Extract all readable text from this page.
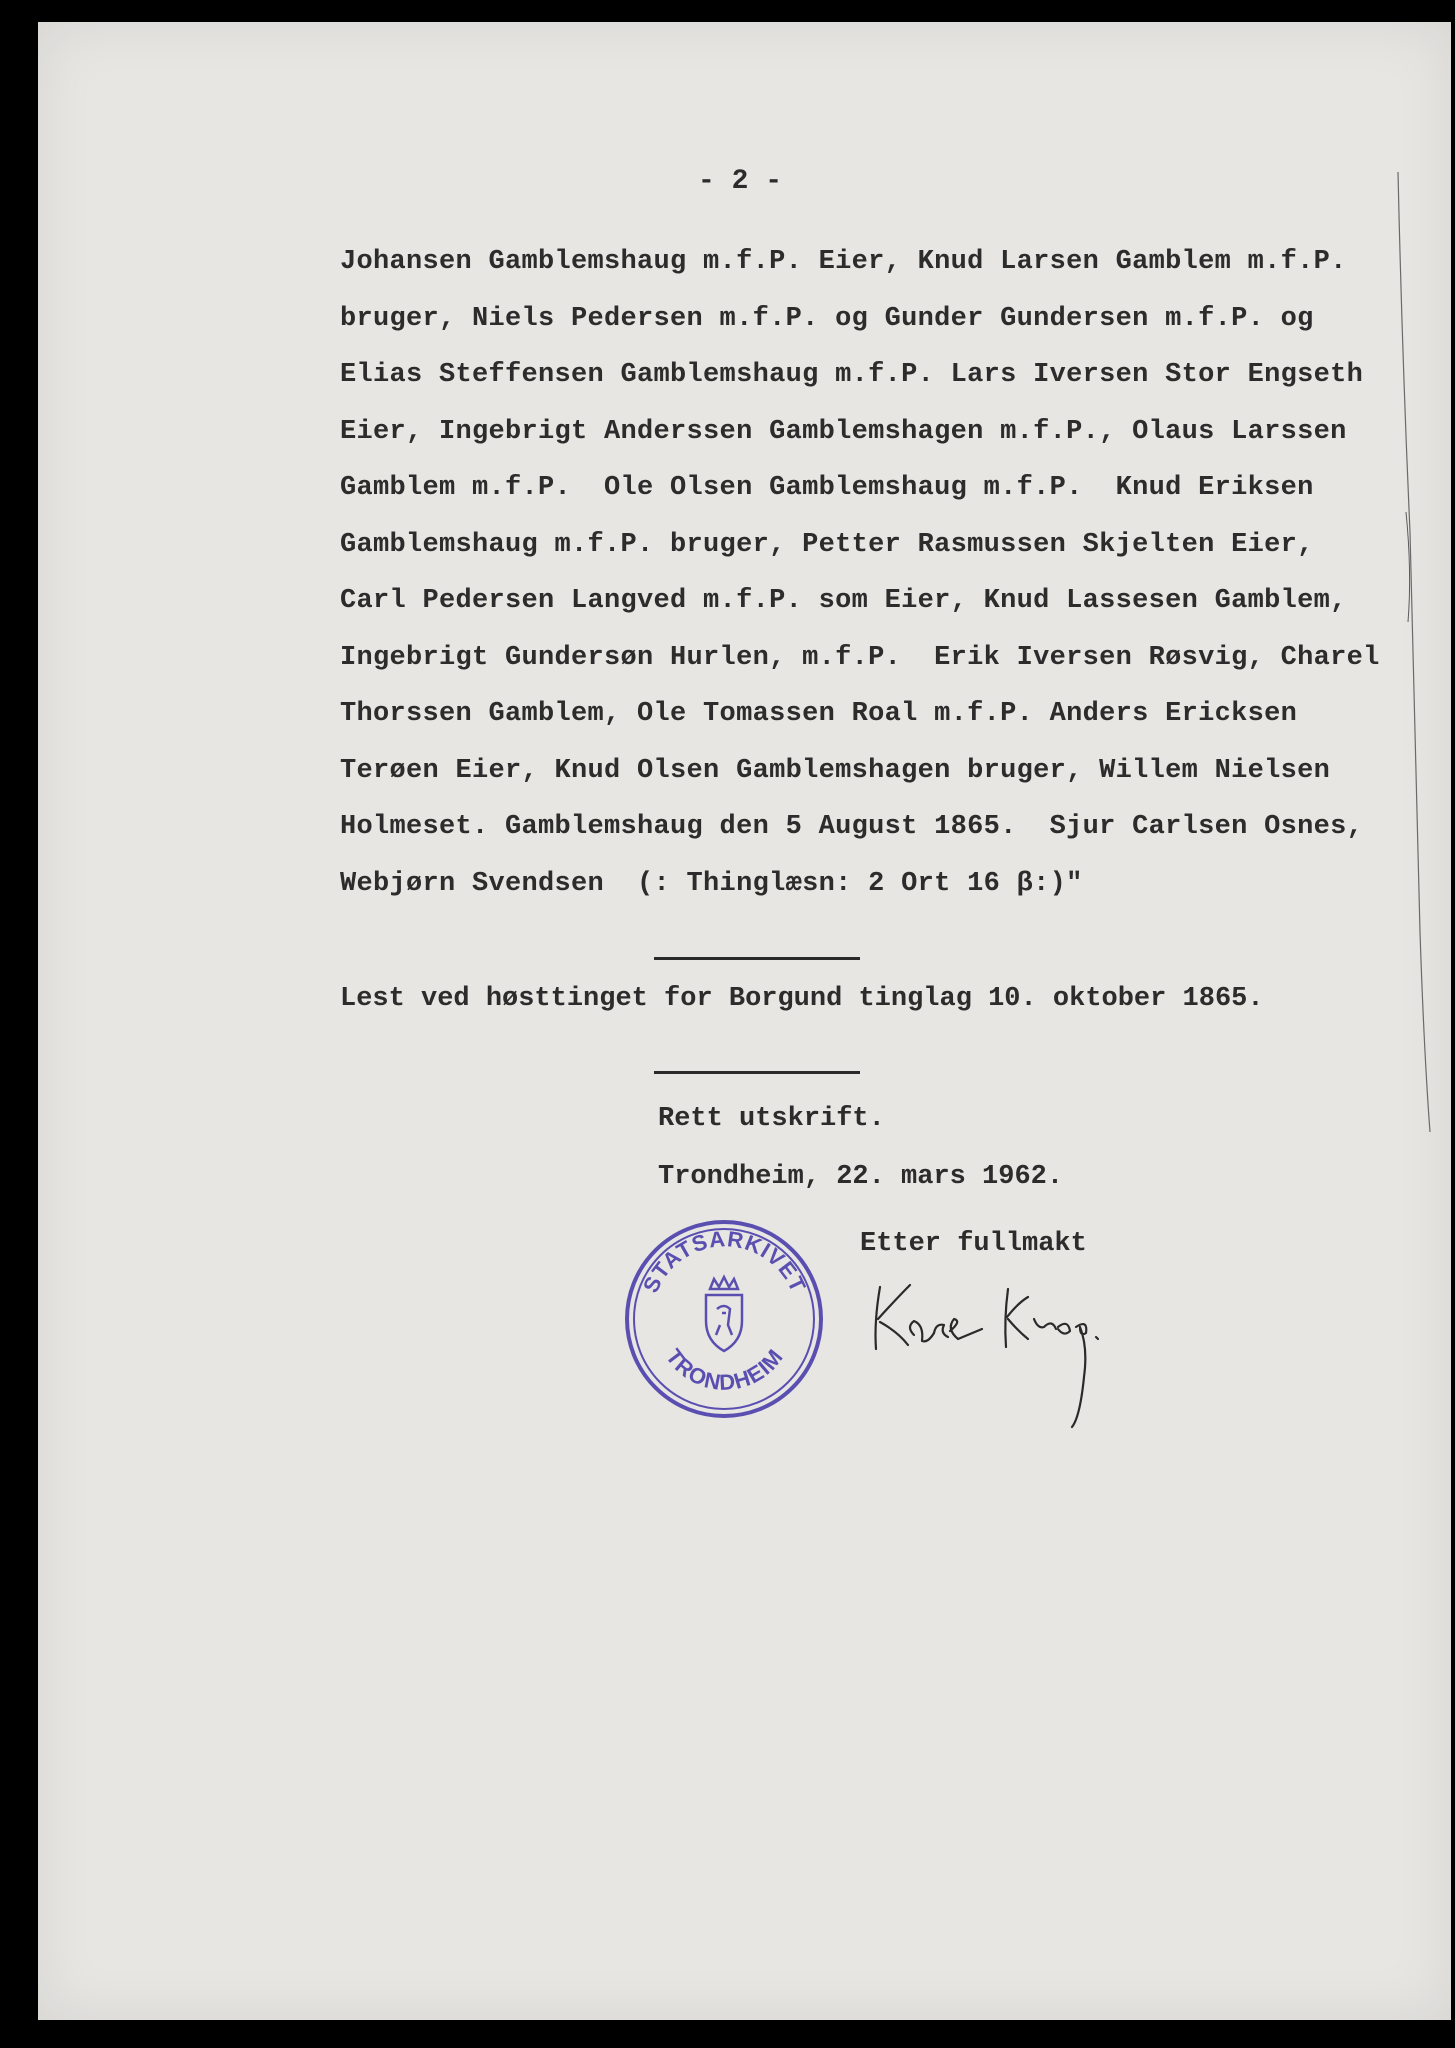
- 2 -
Johansen Gamblemshaug m.f.P. Eier, Knud Larsen Gamblem m.f.P.
bruger, Niels Pedersen m.f.P. og Gunder Gundersen m.f.P. og
Elias Steffensen Gamblemshaug m.f.P. Lars Iversen Stor Engseth
Eier, Ingebrigt Anderssen Gamblemshagen m.f.P., Olaus Larssen
Gamblem m.f.P.  Ole Olsen Gamblemshaug m.f.P.  Knud Eriksen
Gamblemshaug m.f.P. bruger, Petter Rasmussen Skjelten Eier,
Carl Pedersen Langved m.f.P. som Eier, Knud Lassesen Gamblem,
Ingebrigt Gundersøn Hurlen, m.f.P.  Erik Iversen Røsvig, Charel
Thorssen Gamblem, Ole Tomassen Roal m.f.P. Anders Ericksen
Terøen Eier, Knud Olsen Gamblemshagen bruger, Willem Nielsen
Holmeset. Gamblemshaug den 5 August 1865.  Sjur Carlsen Osnes,
Webjørn Svendsen  (: Thinglæsn: 2 Ort 16 β:)"
Lest ved høsttinget for Borgund tinglag 10. oktober 1865.
Rett utskrift.
Trondheim, 22. mars 1962.
Etter fullmakt
STATSARKIVET
TRONDHEIM
